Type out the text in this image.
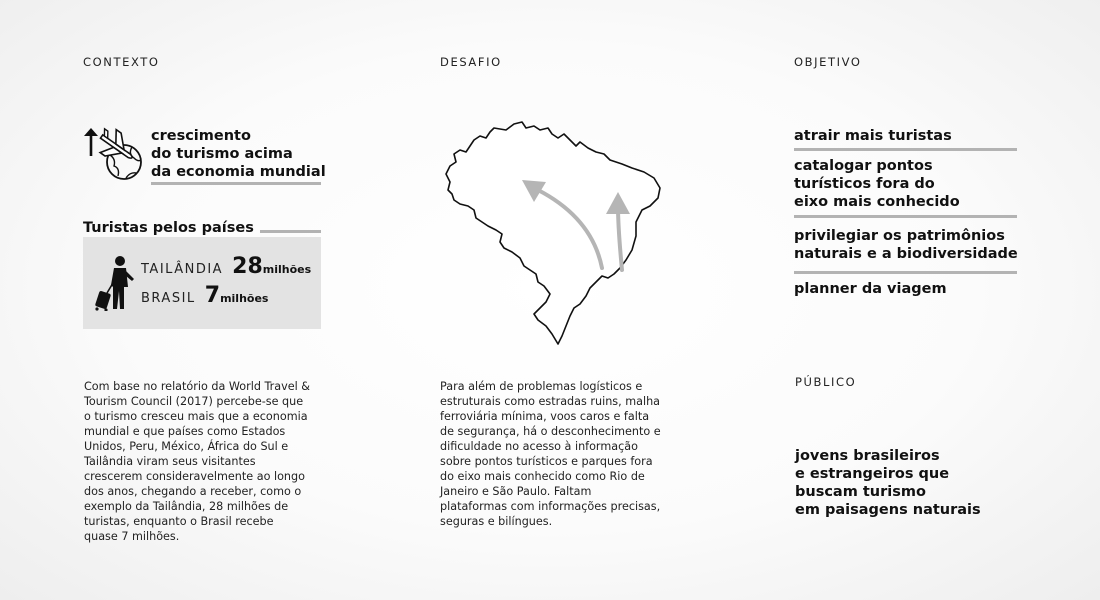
CONTEXTO
crescimento
do turismo acima
da economia mundial
Turistas pelos países
TAILÂNDIA 28milhões
BRASIL 7milhões
Com base no relatório da World Travel &
Tourism Council (2017) percebe-se que
o turismo cresceu mais que a economia
mundial e que países como Estados
Unidos, Peru, México, África do Sul e
Tailândia viram seus visitantes
crescerem consideravelmente ao longo
dos anos, chegando a receber, como o
exemplo da Tailândia, 28 milhões de
turistas, enquanto o Brasil recebe
quase 7 milhões.
DESAFIO
Para além de problemas logísticos e
estruturais como estradas ruins, malha
ferroviária mínima, voos caros e falta
de segurança, há o desconhecimento e
dificuldade no acesso à informação
sobre pontos turísticos e parques fora
do eixo mais conhecido como Rio de
Janeiro e São Paulo. Faltam
plataformas com informações precisas,
seguras e bilíngues.
OBJETIVO
atrair mais turistas
catalogar pontos
turísticos fora do
eixo mais conhecido
privilegiar os patrimônios
naturais e a biodiversidade
planner da viagem
PÚBLICO
jovens brasileiros
e estrangeiros que
buscam turismo
em paisagens naturais
